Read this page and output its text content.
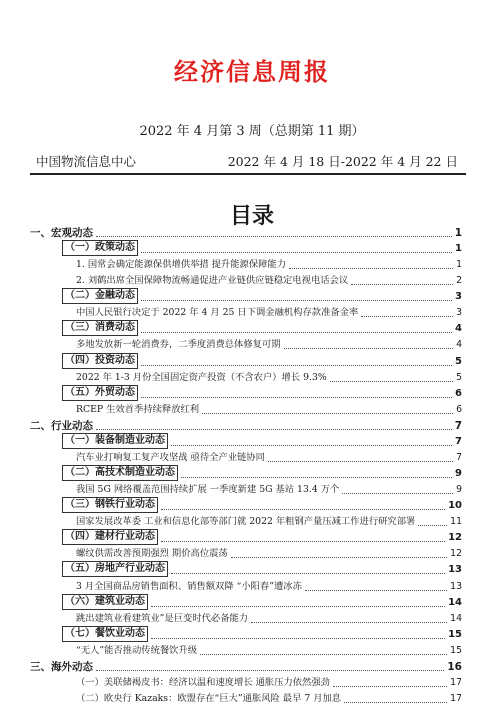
经济信息周报
2022 年 4 月第 3 周（总期第 11 期）
中国物流信息中心	2022 年 4 月 18 日-2022 年 4 月 22 日
目录
一、宏观动态	1
（一）政策动态	1
1. 国常会确定能源保供增供举措 提升能源保障能力	1
2. 刘鹤出席全国保障物流畅通促进产业链供应链稳定电视电话会议	2
（二）金融动态	3
中国人民银行决定于 2022 年 4 月 25 日下调金融机构存款准备金率	3
（三）消费动态	4
多地发放新一轮消费券，二季度消费总体修复可期	4
（四）投资动态	5
2022 年 1-3 月份全国固定资产投资（不含农户）增长 9.3%	5
（五）外贸动态	6
RCEP 生效首季持续释放红利	6
二、行业动态	7
（一）装备制造业动态	7
汽车业打响复工复产攻坚战 亟待全产业链协同	7
（二）高技术制造业动态	9
我国 5G 网络覆盖范围持续扩展 一季度新建 5G 基站 13.4 万个	9
（三）钢铁行业动态	10
国家发展改革委 工业和信息化部等部门就 2022 年粗钢产量压减工作进行研究部署	11
（四）建材行业动态	12
螺纹供需改善预期强烈 期价高位震荡	12
（五）房地产行业动态	13
3 月全国商品房销售面积、销售额双降 “小阳春”遭冰冻	13
（六）建筑业动态	14
跳出建筑业看建筑业”是巨变时代必备能力	14
（七）餐饮业动态	15
“无人”能否推动传统餐饮升级	15
三、海外动态	16
（一）美联储褐皮书：经济以温和速度增长 通胀压力依然强劲	17
（二）欧央行 Kazaks：欧盟存在“巨大”通胀风险 最早 7 月加息	17
